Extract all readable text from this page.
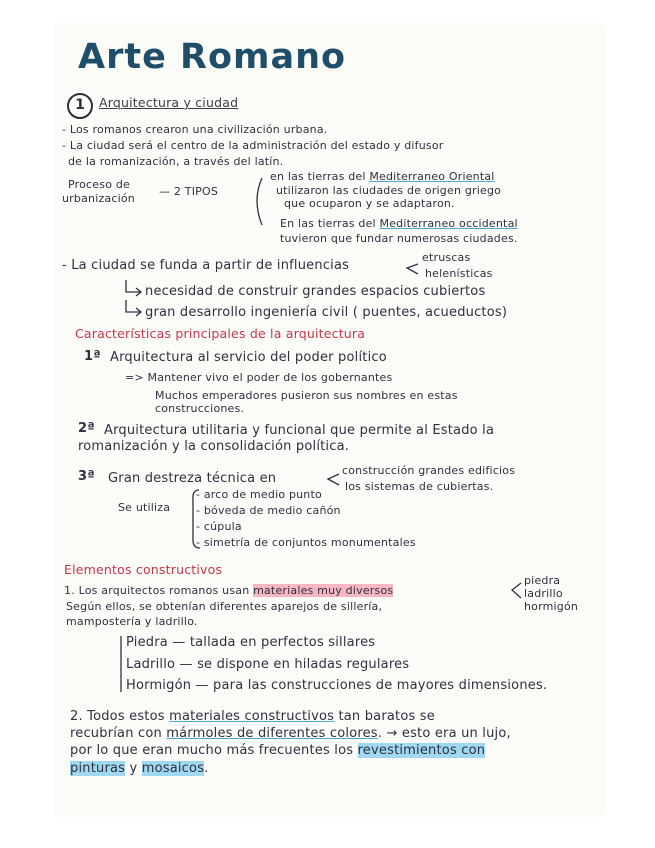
Arte Romano
1	Arquitectura y ciudad
- Los romanos crearon una civilización urbana.
- La ciudad será el centro de la administración del estado y difusor
de la romanización, a través del latín.
Proceso de
urbanización
— 2 TIPOS
en las tierras del Mediterraneo Oriental
utilizaron las ciudades de origen griego
que ocuparon y se adaptaron.
En las tierras del Mediterraneo occidental
tuvieron que fundar numerosas ciudades.
- La ciudad se funda a partir de influencias
etruscas
helenísticas
necesidad de construir grandes espacios cubiertos
gran desarrollo ingeniería civil ( puentes, acueductos)
Características principales de la arquitectura
1ª Arquitectura al servicio del poder político
=> Mantener vivo el poder de los gobernantes
Muchos emperadores pusieron sus nombres en estas
construcciones.
2ª Arquitectura utilitaria y funcional que permite al Estado la
romanización y la consolidación política.
3ª Gran destreza técnica en
construcción grandes edificios
los sistemas de cubiertas.
Se utiliza
- arco de medio punto
- bóveda de medio cañón
- cúpula
- simetría de conjuntos monumentales
Elementos constructivos
1. Los arquitectos romanos usan materiales muy diversos
piedra
ladrillo
hormigón
Según ellos, se obtenían diferentes aparejos de sillería,
mampostería y ladrillo.
Piedra — tallada en perfectos sillares
Ladrillo — se dispone en hiladas regulares
Hormigón — para las construcciones de mayores dimensiones.
2. Todos estos materiales constructivos tan baratos se
recubrían con mármoles de diferentes colores. → esto era un lujo,
por lo que eran mucho más frecuentes los revestimientos con
pinturas y mosaicos.
